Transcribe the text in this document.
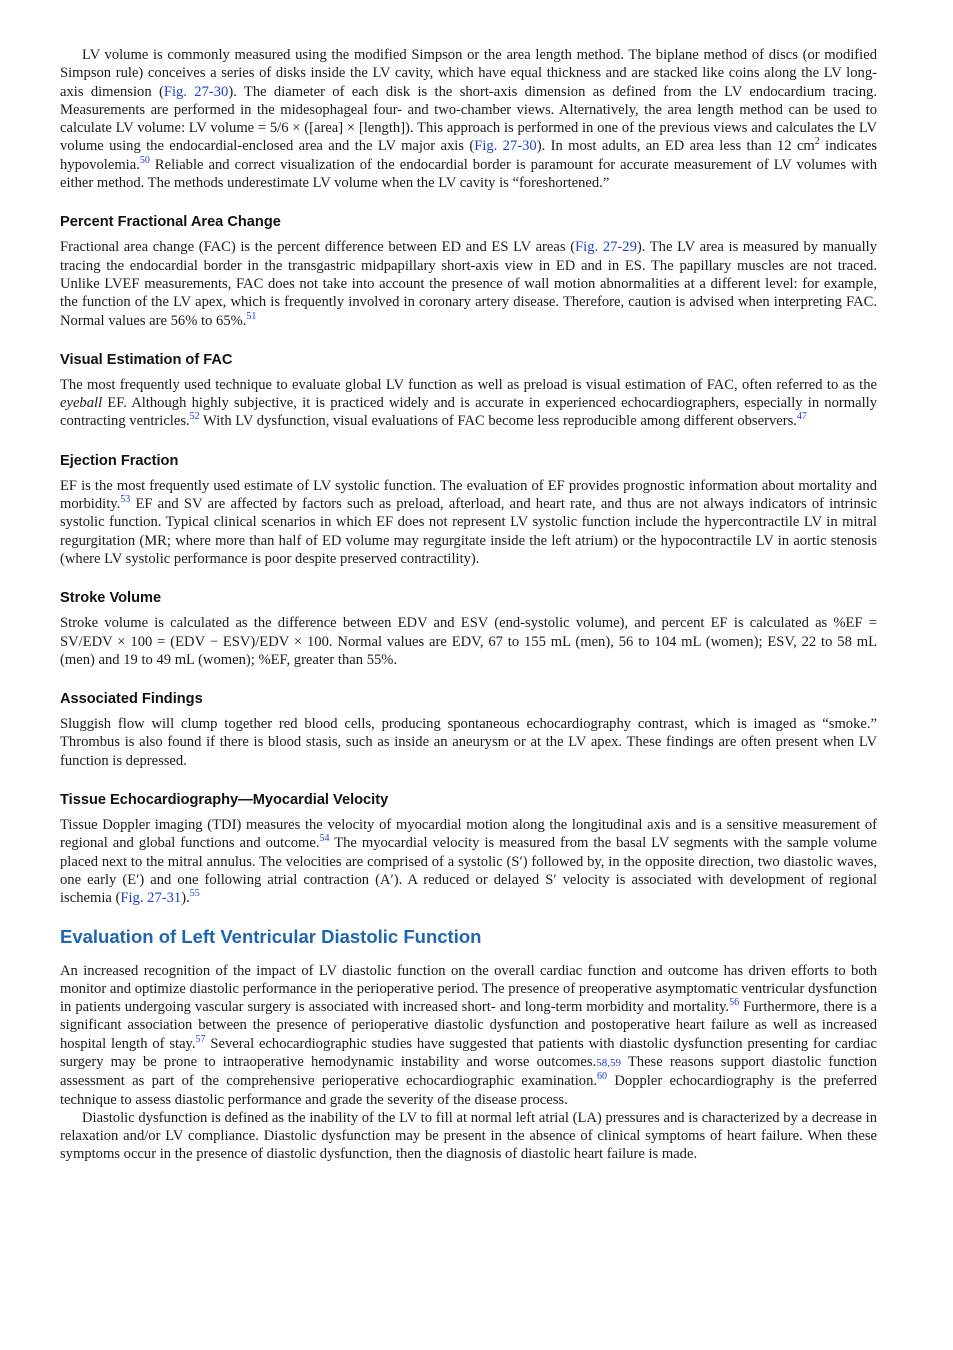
LV volume is commonly measured using the modified Simpson or the area length method. The biplane method of discs (or modified Simpson rule) conceives a series of disks inside the LV cavity, which have equal thickness and are stacked like coins along the LV long-axis dimension (Fig. 27-30). The diameter of each disk is the short-axis dimension as defined from the LV endocardium tracing. Measurements are performed in the midesophageal four- and two-chamber views. Alternatively, the area length method can be used to calculate LV volume: LV volume = 5/6 × ([area] × [length]). This approach is performed in one of the previous views and calculates the LV volume using the endocardial-enclosed area and the LV major axis (Fig. 27-30). In most adults, an ED area less than 12 $cm^2$ indicates hypovolemia.$^{50}$ Reliable and correct visualization of the endocardial border is paramount for accurate measurement of LV volumes with either method. The methods underestimate LV volume when the LV cavity is “foreshortened.”

Percent Fractional Area Change

Fractional area change (FAC) is the percent difference between ED and ES LV areas (Fig. 27-29). The LV area is measured by manually tracing the endocardial border in the transgastric midpapillary short-axis view in ED and in ES. The papillary muscles are not traced. Unlike LVEF measurements, FAC does not take into account the presence of wall motion abnormalities at a different level: for example, the function of the LV apex, which is frequently involved in coronary artery disease. Therefore, caution is advised when interpreting FAC. Normal values are 56% to 65%.$^{51}$

Visual Estimation of FAC

The most frequently used technique to evaluate global LV function as well as preload is visual estimation of FAC, often referred to as the eyeball EF. Although highly subjective, it is practiced widely and is accurate in experienced echocardiographers, especially in normally contracting ventricles.$^{52}$ With LV dysfunction, visual evaluations of FAC become less reproducible among different observers.$^{47}$

Ejection Fraction

EF is the most frequently used estimate of LV systolic function. The evaluation of EF provides prognostic information about mortality and morbidity.$^{53}$ EF and SV are affected by factors such as preload, afterload, and heart rate, and thus are not always indicators of intrinsic systolic function. Typical clinical scenarios in which EF does not represent LV systolic function include the hypercontractile LV in mitral regurgitation (MR; where more than half of ED volume may regurgitate inside the left atrium) or the hypocontractile LV in aortic stenosis (where LV systolic performance is poor despite preserved contractility).

Stroke Volume

Stroke volume is calculated as the difference between EDV and ESV (end-systolic volume), and percent EF is calculated as %EF = SV/EDV × 100 = (EDV − ESV)/EDV × 100. Normal values are EDV, 67 to 155 mL (men), 56 to 104 mL (women); ESV, 22 to 58 mL (men) and 19 to 49 mL (women); %EF, greater than 55%.

Associated Findings

Sluggish flow will clump together red blood cells, producing spontaneous echocardiography contrast, which is imaged as “smoke.” Thrombus is also found if there is blood stasis, such as inside an aneurysm or at the LV apex. These findings are often present when LV function is depressed.

Tissue Echocardiography—Myocardial Velocity

Tissue Doppler imaging (TDI) measures the velocity of myocardial motion along the longitudinal axis and is a sensitive measurement of regional and global functions and outcome.$^{54}$ The myocardial velocity is measured from the basal LV segments with the sample volume placed next to the mitral annulus. The velocities are comprised of a systolic (S′) followed by, in the opposite direction, two diastolic waves, one early (E′) and one following atrial contraction (A′). A reduced or delayed S′ velocity is associated with development of regional ischemia (Fig. 27-31).$^{55}$

Evaluation of Left Ventricular Diastolic Function

An increased recognition of the impact of LV diastolic function on the overall cardiac function and outcome has driven efforts to both monitor and optimize diastolic performance in the perioperative period. The presence of preoperative asymptomatic ventricular dysfunction in patients undergoing vascular surgery is associated with increased short- and long-term morbidity and mortality.$^{56}$ Furthermore, there is a significant association between the presence of perioperative diastolic dysfunction and postoperative heart failure as well as increased hospital length of stay.$^{57}$ Several echocardiographic studies have suggested that patients with diastolic dysfunction presenting for cardiac surgery may be prone to intraoperative hemodynamic instability and worse outcomes.58,59 These reasons support diastolic function assessment as part of the comprehensive perioperative echocardiographic examination.$^{60}$ Doppler echocardiography is the preferred technique to assess diastolic performance and grade the severity of the disease process.

Diastolic dysfunction is defined as the inability of the LV to fill at normal left atrial (LA) pressures and is characterized by a decrease in relaxation and/or LV compliance. Diastolic dysfunction may be present in the absence of clinical symptoms of heart failure. When these symptoms occur in the presence of diastolic dysfunction, then the diagnosis of diastolic heart failure is made.
